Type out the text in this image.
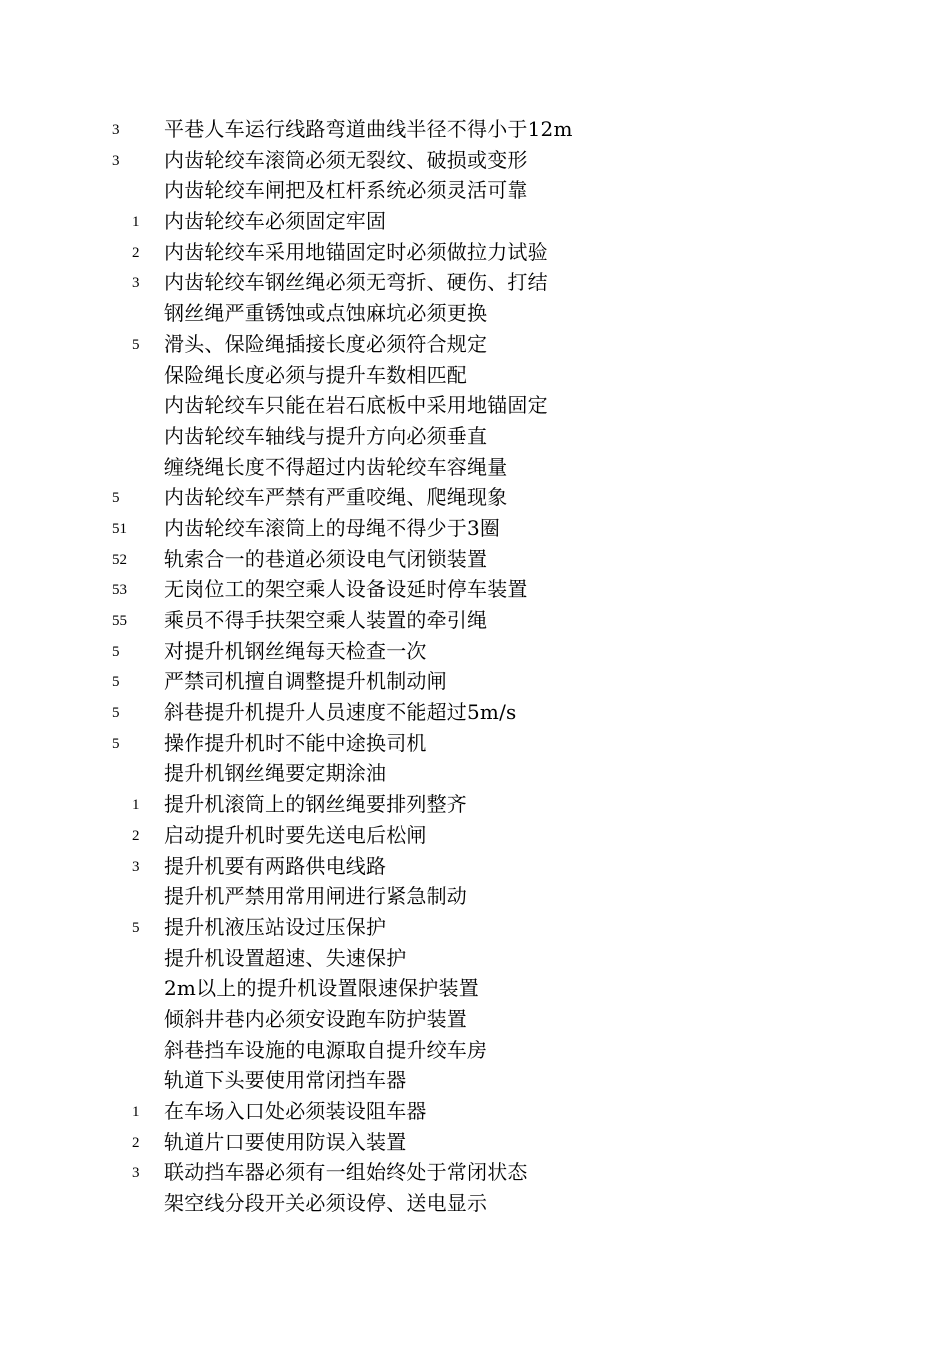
3 平巷人车运行线路弯道曲线半径不得小于12m
3 内齿轮绞车滚筒必须无裂纹、破损或变形
内齿轮绞车闸把及杠杆系统必须灵活可靠
1 内齿轮绞车必须固定牢固
2 内齿轮绞车采用地锚固定时必须做拉力试验
3 内齿轮绞车钢丝绳必须无弯折、硬伤、打结
钢丝绳严重锈蚀或点蚀麻坑必须更换
5 滑头、保险绳插接长度必须符合规定
保险绳长度必须与提升车数相匹配
内齿轮绞车只能在岩石底板中采用地锚固定
内齿轮绞车轴线与提升方向必须垂直
缠绕绳长度不得超过内齿轮绞车容绳量
5 内齿轮绞车严禁有严重咬绳、爬绳现象
51 内齿轮绞车滚筒上的母绳不得少于3圈
52 轨索合一的巷道必须设电气闭锁装置
53 无岗位工的架空乘人设备设延时停车装置
55 乘员不得手扶架空乘人装置的牵引绳
5 对提升机钢丝绳每天检查一次
5 严禁司机擅自调整提升机制动闸
5 斜巷提升机提升人员速度不能超过5m/s
5 操作提升机时不能中途换司机
提升机钢丝绳要定期涂油
1 提升机滚筒上的钢丝绳要排列整齐
2 启动提升机时要先送电后松闸
3 提升机要有两路供电线路
提升机严禁用常用闸进行紧急制动
5 提升机液压站设过压保护
提升机设置超速、失速保护
2m以上的提升机设置限速保护装置
倾斜井巷内必须安设跑车防护装置
斜巷挡车设施的电源取自提升绞车房
轨道下头要使用常闭挡车器
1 在车场入口处必须装设阻车器
2 轨道片口要使用防误入装置
3 联动挡车器必须有一组始终处于常闭状态
架空线分段开关必须设停、送电显示
